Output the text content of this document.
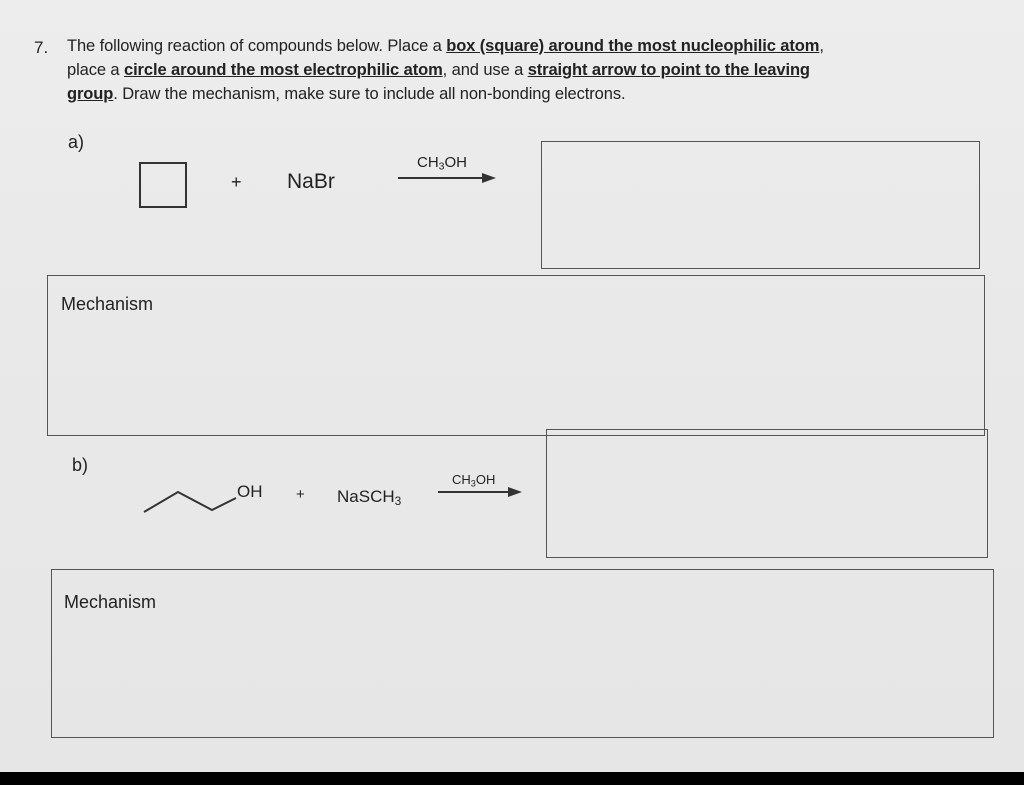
7. The following reaction of compounds below. Place a box (square) around the most nucleophilic atom,
place a circle around the most electrophilic atom, and use a straight arrow to point to the leaving
group. Draw the mechanism, make sure to include all non-bonding electrons.
a)
+ NaBr
$CH_3OH$
Mechanism
b)
OH + NaSCH$_3$
$CH_3OH$
Mechanism
